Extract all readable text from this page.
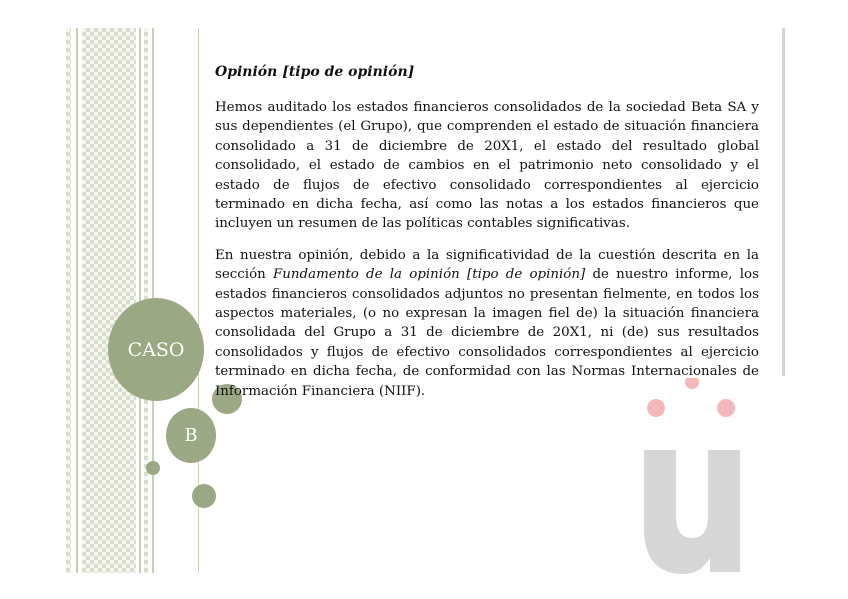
CASO
B
Opinión [tipo de opinión]

Hemos auditado los estados financieros consolidados de la sociedad Beta SA y sus dependientes (el Grupo), que comprenden el estado de situación financiera consolidado a 31 de diciembre de 20X1, el estado del resultado global consolidado, el estado de cambios en el patrimonio neto consolidado y el estado de flujos de efectivo consolidado correspondientes al ejercicio terminado en dicha fecha, así como las notas a los estados financieros que incluyen un resumen de las políticas contables significativas.

En nuestra opinión, debido a la significatividad de la cuestión descrita en la sección Fundamento de la opinión [tipo de opinión] de nuestro informe, los estados financieros consolidados adjuntos no presentan fielmente, en todos los aspectos materiales, (o no expresan la imagen fiel de) la situación financiera consolidada del Grupo a 31 de diciembre de 20X1, ni (de) sus resultados consolidados y flujos de efectivo consolidados correspondientes al ejercicio terminado en dicha fecha, de conformidad con las Normas Internacionales de Información Financiera (NIIF).
